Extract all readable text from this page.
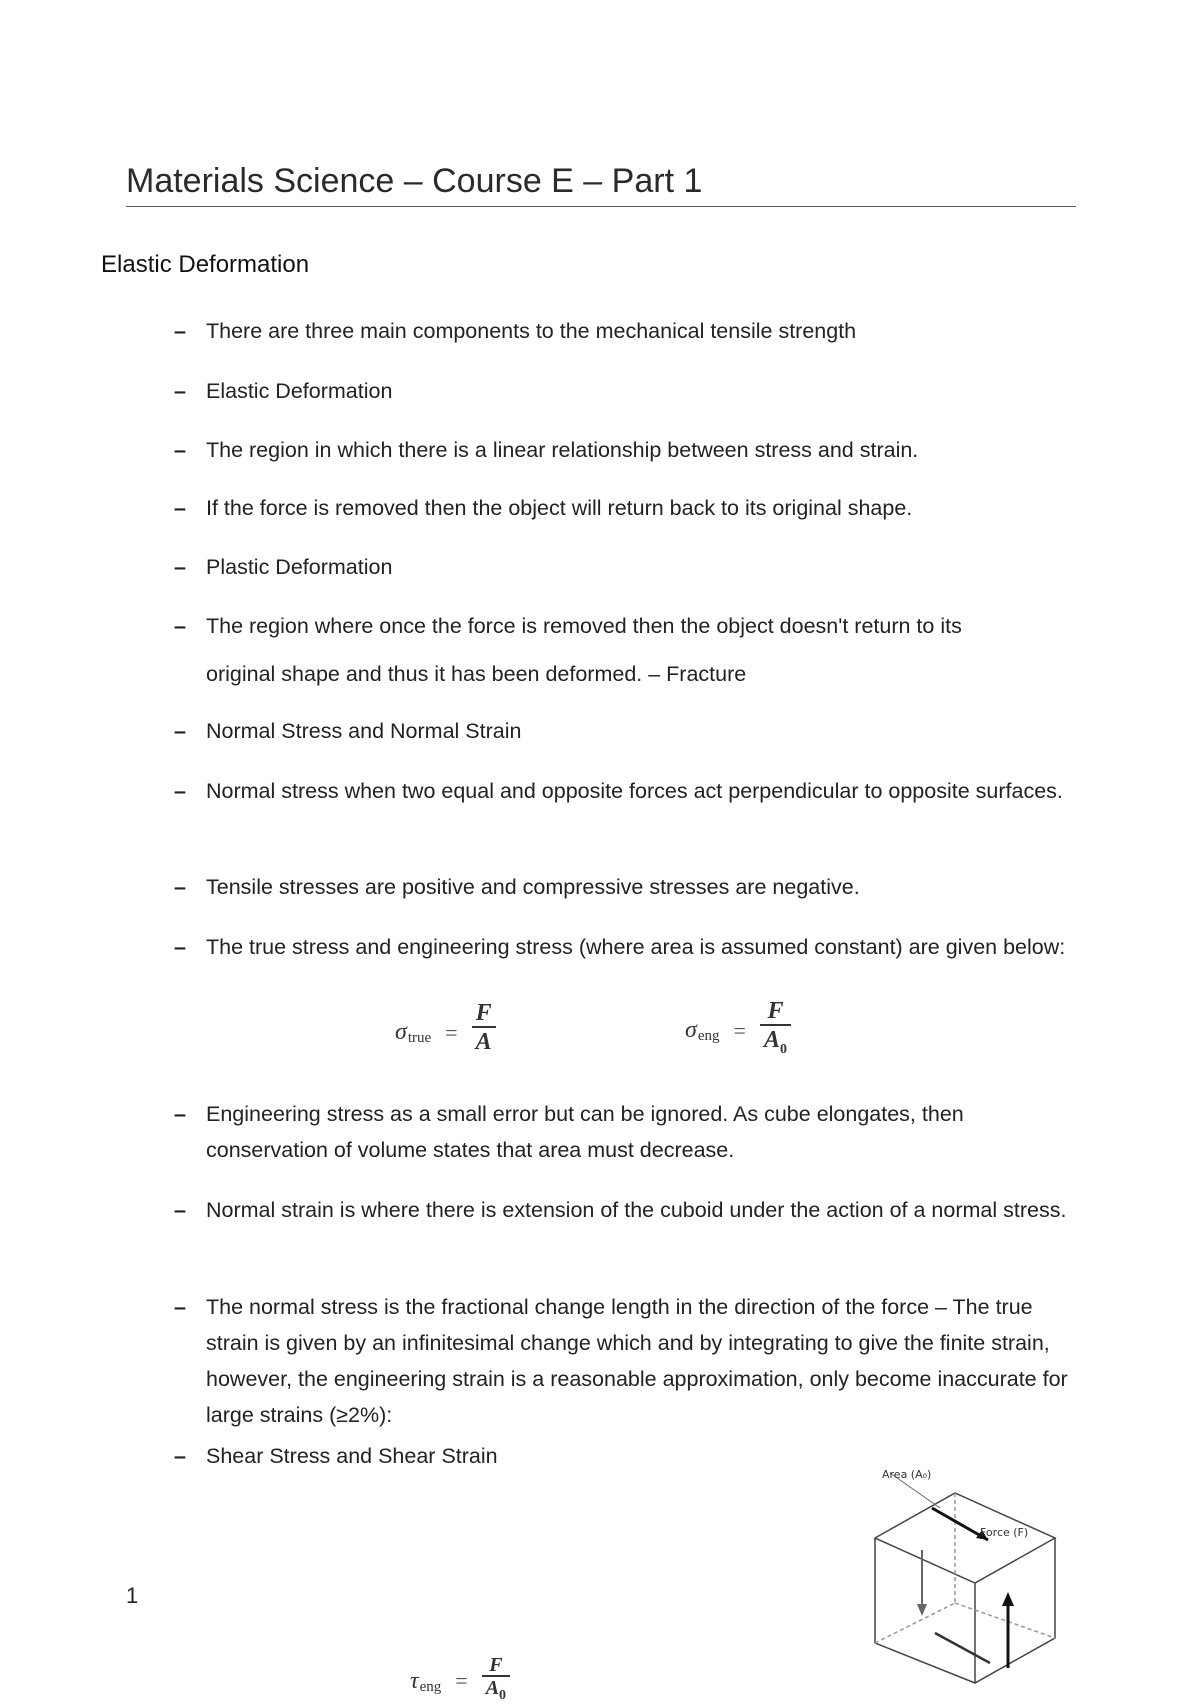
Materials Science – Course E – Part 1
Elastic Deformation
– There are three main components to the mechanical tensile strength
– Elastic Deformation
– The region in which there is a linear relationship between stress and strain.
– If the force is removed then the object will return back to its original shape.
– Plastic Deformation
– The region where once the force is removed then the object doesn't return to its
original shape and thus it has been deformed. – Fracture
– Normal Stress and Normal Strain
– Normal stress when two equal and opposite forces act perpendicular to opposite surfaces.
– Tensile stresses are positive and compressive stresses are negative.
– The true stress and engineering stress (where area is assumed constant) are given below:
σ true = $\frac{F}{A}$	σ eng = $\frac{F}{A_0}$
– Engineering stress as a small error but can be ignored. As cube elongates, then conservation of volume states that area must decrease.
– Normal strain is where there is extension of the cuboid under the action of a normal stress.
– The normal stress is the fractional change length in the direction of the force – The true strain is given by an infinitesimal change which and by integrating to give the finite strain, however, the engineering strain is a reasonable approximation, only become inaccurate for large strains (≥2%):
– Shear Stress and Shear Strain
Area (A₀)
Force (F)
1
τ eng = $\frac{F}{A_0}$
